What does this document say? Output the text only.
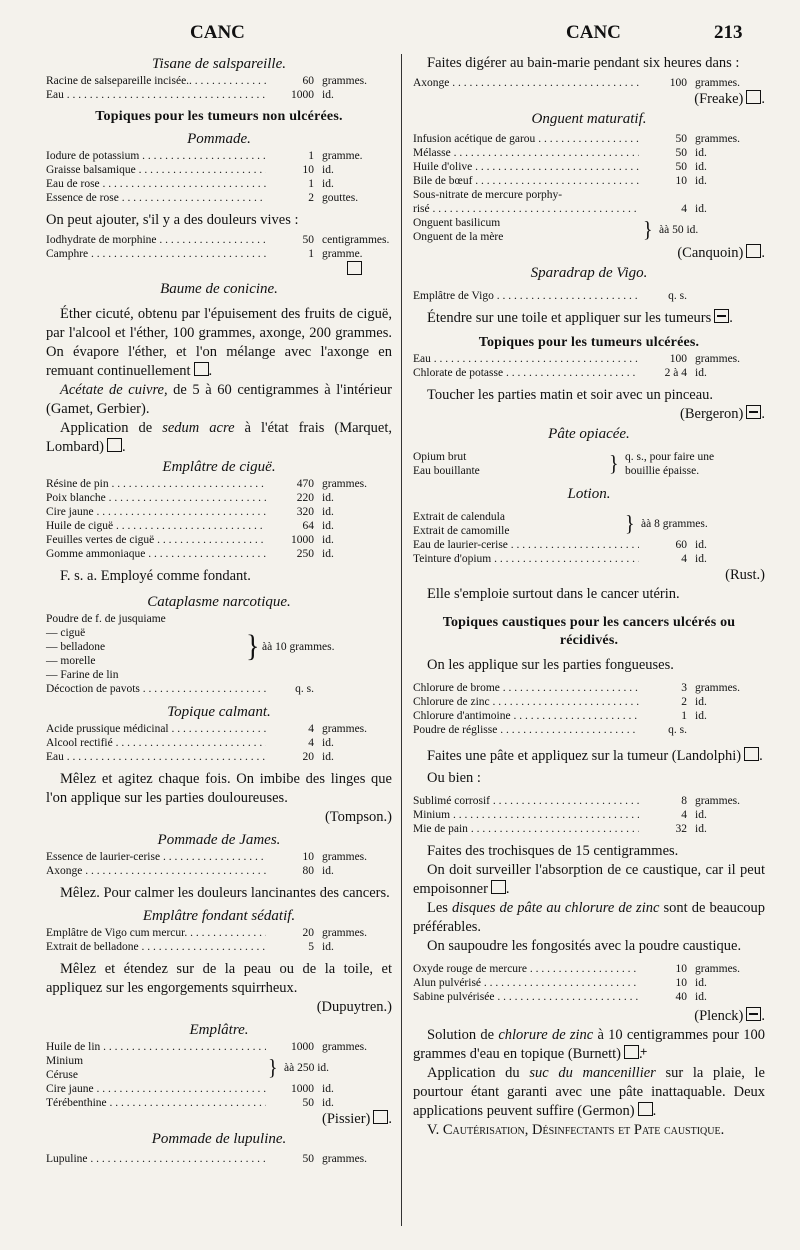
CANC	CANC	213

Tisane de salspareille.

Racine de salsepareille incisée.. . . .	60 grammes.

Eau . . .	1000 id.

Topiques pour les tumeurs non ulcérées.

Pommade.

Iodure de potassium . . .	1 gramme.

Graisse balsamique . . .	10 id.

Eau de rose . . .	1 id.

Essence de rose . . .	2 gouttes.

On peut ajouter, s'il y a des douleurs vives :

Iodhydrate de morphine . . .	50 centigrammes.

Camphre . . .	1 gramme.

Baume de conicine.

Éther cicuté, obtenu par l'épuisement des fruits de ciguë, par l'alcool et l'éther, 100 grammes, axonge, 200 grammes. On évapore l'éther, et l'on mélange avec l'axonge en remuant continuellement .

Acétate de cuivre, de 5 à 60 centigrammes à l'intérieur (Gamet, Gerbier).

Application de sedum acre à l'état frais (Marquet, Lombard) .

Emplâtre de ciguë.

Résine de pin . . .	470 grammes.

Poix blanche . . .	220 id.

Cire jaune . . .	320 id.

Huile de ciguë . . .	64 id.

Feuilles vertes de ciguë . . .	1000 id.

Gomme ammoniaque . . .	250 id.

F. s. a. Employé comme fondant.

Cataplasme narcotique.

Poudre de f. de jusquiame
— ciguë
— belladone
— morelle
— Farine de lin
} àà 10 grammes.

Décoction de pavots . . .	q. s.

Topique calmant.

Acide prussique médicinal . . .	4 grammes.

Alcool rectifié . . .	4 id.

Eau . . .	20 id.

Mêlez et agitez chaque fois. On imbibe des linges que l'on applique sur les parties douloureuses.

(Tompson.)

Pommade de James.

Essence de laurier-cerise . . .	10 grammes.

Axonge . . .	80 id.

Mêlez. Pour calmer les douleurs lancinantes des cancers.

Emplâtre fondant sédatif.

Emplâtre de Vigo cum mercur. . . .	20 grammes.

Extrait de belladone . . .	5 id.

Mêlez et étendez sur de la peau ou de la toile, et appliquez sur les engorgements squirrheux.

(Dupuytren.)

Emplâtre.

Huile de lin . . .	1000 grammes.

Minium
Céruse	} àà 250 id.

Cire jaune . . .	1000 id.

Térébenthine . . .	50 id.

(Pissier) .

Pommade de lupuline.

Lupuline . . .	50 grammes.

Faites digérer au bain-marie pendant six heures dans :

Axonge . . .	100 grammes.

(Freake) .

Onguent maturatif.

Infusion acétique de garou . . .	50 grammes.

Mélasse . . .	50 id.

Huile d'olive . . .	50 id.

Bile de bœuf . . .	10 id.

Sous-nitrate de mercure porphy-

risé . . .	4 id.

Onguent basilicum
Onguent de la mère	} àà 50 id.

(Canquoin) .

Sparadrap de Vigo.

Emplâtre de Vigo . . .	q. s.

Étendre sur une toile et appliquer sur les tumeurs .

Topiques pour les tumeurs ulcérées.

Eau . . .	100 grammes.

Chlorate de potasse . . .	2 à 4 id.

Toucher les parties matin et soir avec un pinceau.

(Bergeron) .

Pâte opiacée.

Opium brut
Eau bouillante	} q. s., pour faire une
bouillie épaisse.

Lotion.

Extrait de calendula
Extrait de camomille	} àà 8 grammes.

Eau de laurier-cerise . . .	60 id.

Teinture d'opium . . .	4 id.

(Rust.)

Elle s'emploie surtout dans le cancer utérin.

Topiques caustiques pour les cancers ulcérés ou récidivés.

On les applique sur les parties fongueuses.

Chlorure de brome . . .	3 grammes.

Chlorure de zinc . . .	2 id.

Chlorure d'antimoine . . .	1 id.

Poudre de réglisse . . .	q. s.

Faites une pâte et appliquez sur la tumeur (Landolphi) .

Ou bien :

Sublimé corrosif . . .	8 grammes.

Minium . . .	4 id.

Mie de pain . . .	32 id.

Faites des trochisques de 15 centigrammes.

On doit surveiller l'absorption de ce caustique, car il peut empoisonner .

Les disques de pâte au chlorure de zinc sont de beaucoup préférables.

On saupoudre les fongosités avec la poudre caustique.

Oxyde rouge de mercure . . .	10 grammes.

Alun pulvérisé . . .	10 id.

Sabine pulvérisée . . .	40 id.

(Plenck) .

Solution de chlorure de zinc à 10 centigrammes pour 100 grammes d'eau en topique (Burnett)+ .

Application du suc du mancenillier sur la plaie, le pourtour étant garanti avec une pâte inattaquable. Deux applications peuvent suffire (Germon) .

V. Cautérisation, Désinfectants et Pate caustique.
